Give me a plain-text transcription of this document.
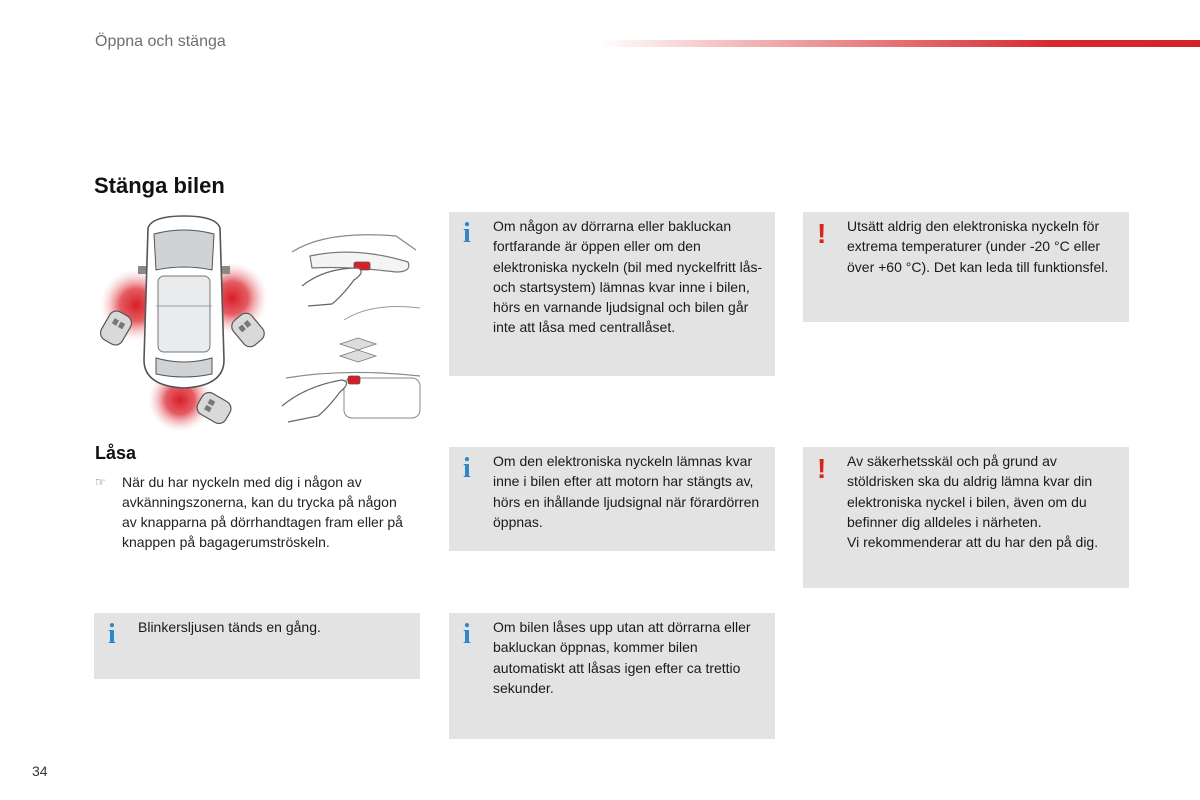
Öppna och stänga
Stänga bilen
Låsa
☞	När du har nyckeln med dig i någon av avkänningszonerna, kan du trycka på någon av knapparna på dörrhandtagen fram eller på knappen på bagagerumströskeln.
i Blinkersljusen tänds en gång.
i Om någon av dörrarna eller bakluckan fortfarande är öppen eller om den elektroniska nyckeln (bil med nyckelfritt lås- och startsystem) lämnas kvar inne i bilen, hörs en varnande ljudsignal och bilen går inte att låsa med centrallåset.
i Om den elektroniska nyckeln lämnas kvar inne i bilen efter att motorn har stängts av, hörs en ihållande ljudsignal när förardörren öppnas.
i Om bilen låses upp utan att dörrarna eller bakluckan öppnas, kommer bilen automatiskt att låsas igen efter ca trettio sekunder.
! Utsätt aldrig den elektroniska nyckeln för extrema temperaturer (under -20 °C eller över +60 °C). Det kan leda till funktionsfel.
! Av säkerhetsskäl och på grund av stöldrisken ska du aldrig lämna kvar din elektroniska nyckel i bilen, även om du befinner dig alldeles i närheten.
Vi rekommenderar att du har den på dig.
34
